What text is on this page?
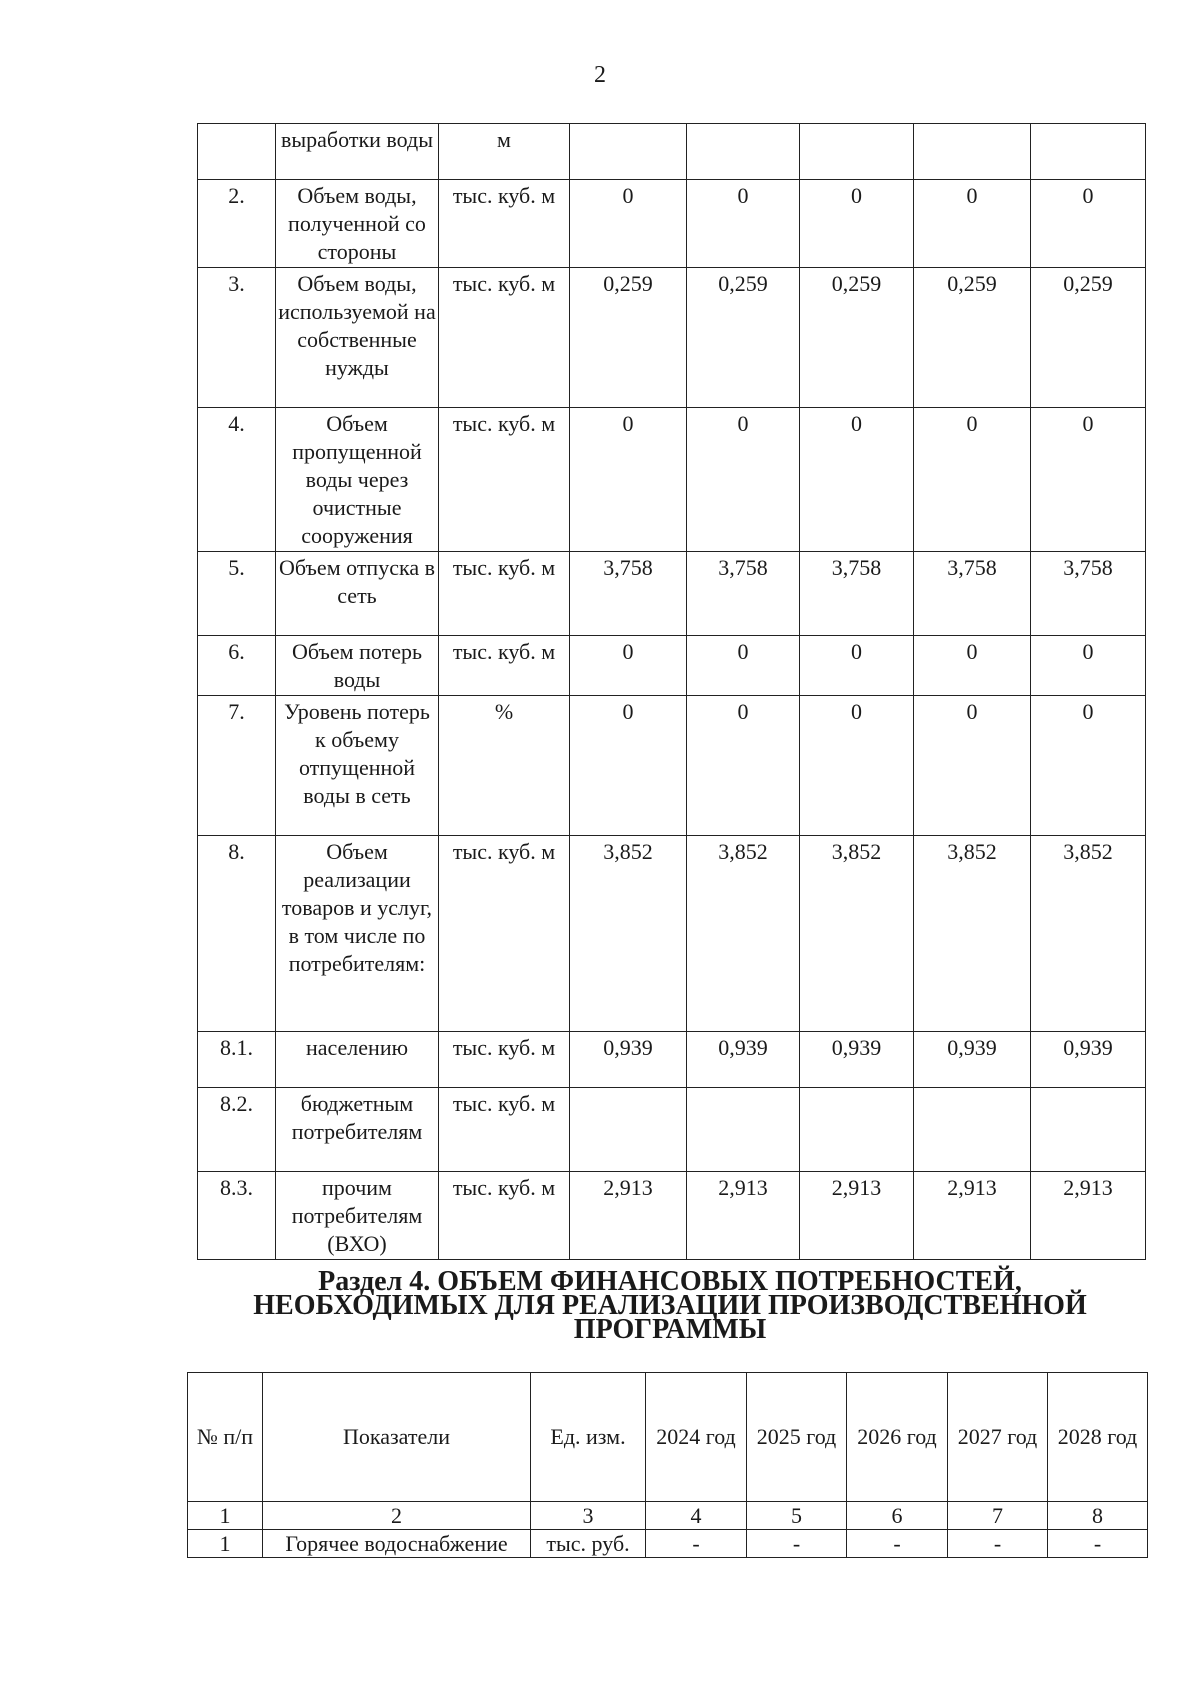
2
	выработки воды	м					
2.	Объем воды, полученной со стороны	тыс. куб. м	0	0	0	0	0
3.	Объем воды, используемой на собственные нужды	тыс. куб. м	0,259	0,259	0,259	0,259	0,259
4.	Объем пропущенной воды через очистные сооружения	тыс. куб. м	0	0	0	0	0
5.	Объем отпуска в сеть	тыс. куб. м	3,758	3,758	3,758	3,758	3,758
6.	Объем потерь воды	тыс. куб. м	0	0	0	0	0
7.	Уровень потерь к объему отпущенной воды в сеть	%	0	0	0	0	0
8.	Объем реализации товаров и услуг, в том числе по потребителям:	тыс. куб. м	3,852	3,852	3,852	3,852	3,852
8.1.	населению	тыс. куб. м	0,939	0,939	0,939	0,939	0,939
8.2.	бюджетным потребителям	тыс. куб. м					
8.3.	прочим потребителям (ВХО)	тыс. куб. м	2,913	2,913	2,913	2,913	2,913
Раздел 4. ОБЪЕМ ФИНАНСОВЫХ ПОТРЕБНОСТЕЙ,
НЕОБХОДИМЫХ ДЛЯ РЕАЛИЗАЦИИ ПРОИЗВОДСТВЕННОЙ
ПРОГРАММЫ
№ п/п	Показатели	Ед. изм.	2024 год	2025 год	2026 год	2027 год	2028 год
1	2	3	4	5	6	7	8
1	Горячее водоснабжение	тыс. руб.	-	-	-	-	-
